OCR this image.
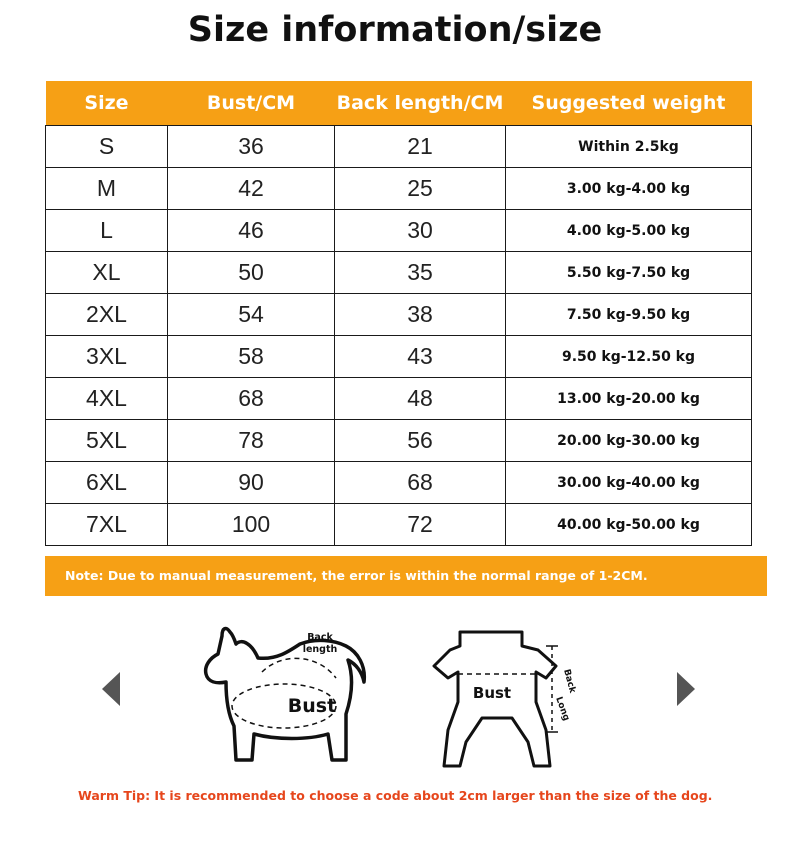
Size information/size
Size	Bust/CM	Back length/CM	Suggested weight
S	36	21	Within 2.5kg
M	42	25	3.00 kg-4.00 kg
L	46	30	4.00 kg-5.00 kg
XL	50	35	5.50 kg-7.50 kg
2XL	54	38	7.50 kg-9.50 kg
3XL	58	43	9.50 kg-12.50 kg
4XL	68	48	13.00 kg-20.00 kg
5XL	78	56	20.00 kg-30.00 kg
6XL	90	68	30.00 kg-40.00 kg
7XL	100	72	40.00 kg-50.00 kg
Note: Due to manual measurement, the error is within the normal range of 1-2CM.
Back
length
Bust
Bust	Back
Long
Warm Tip: It is recommended to choose a code about 2cm larger than the size of the dog.
